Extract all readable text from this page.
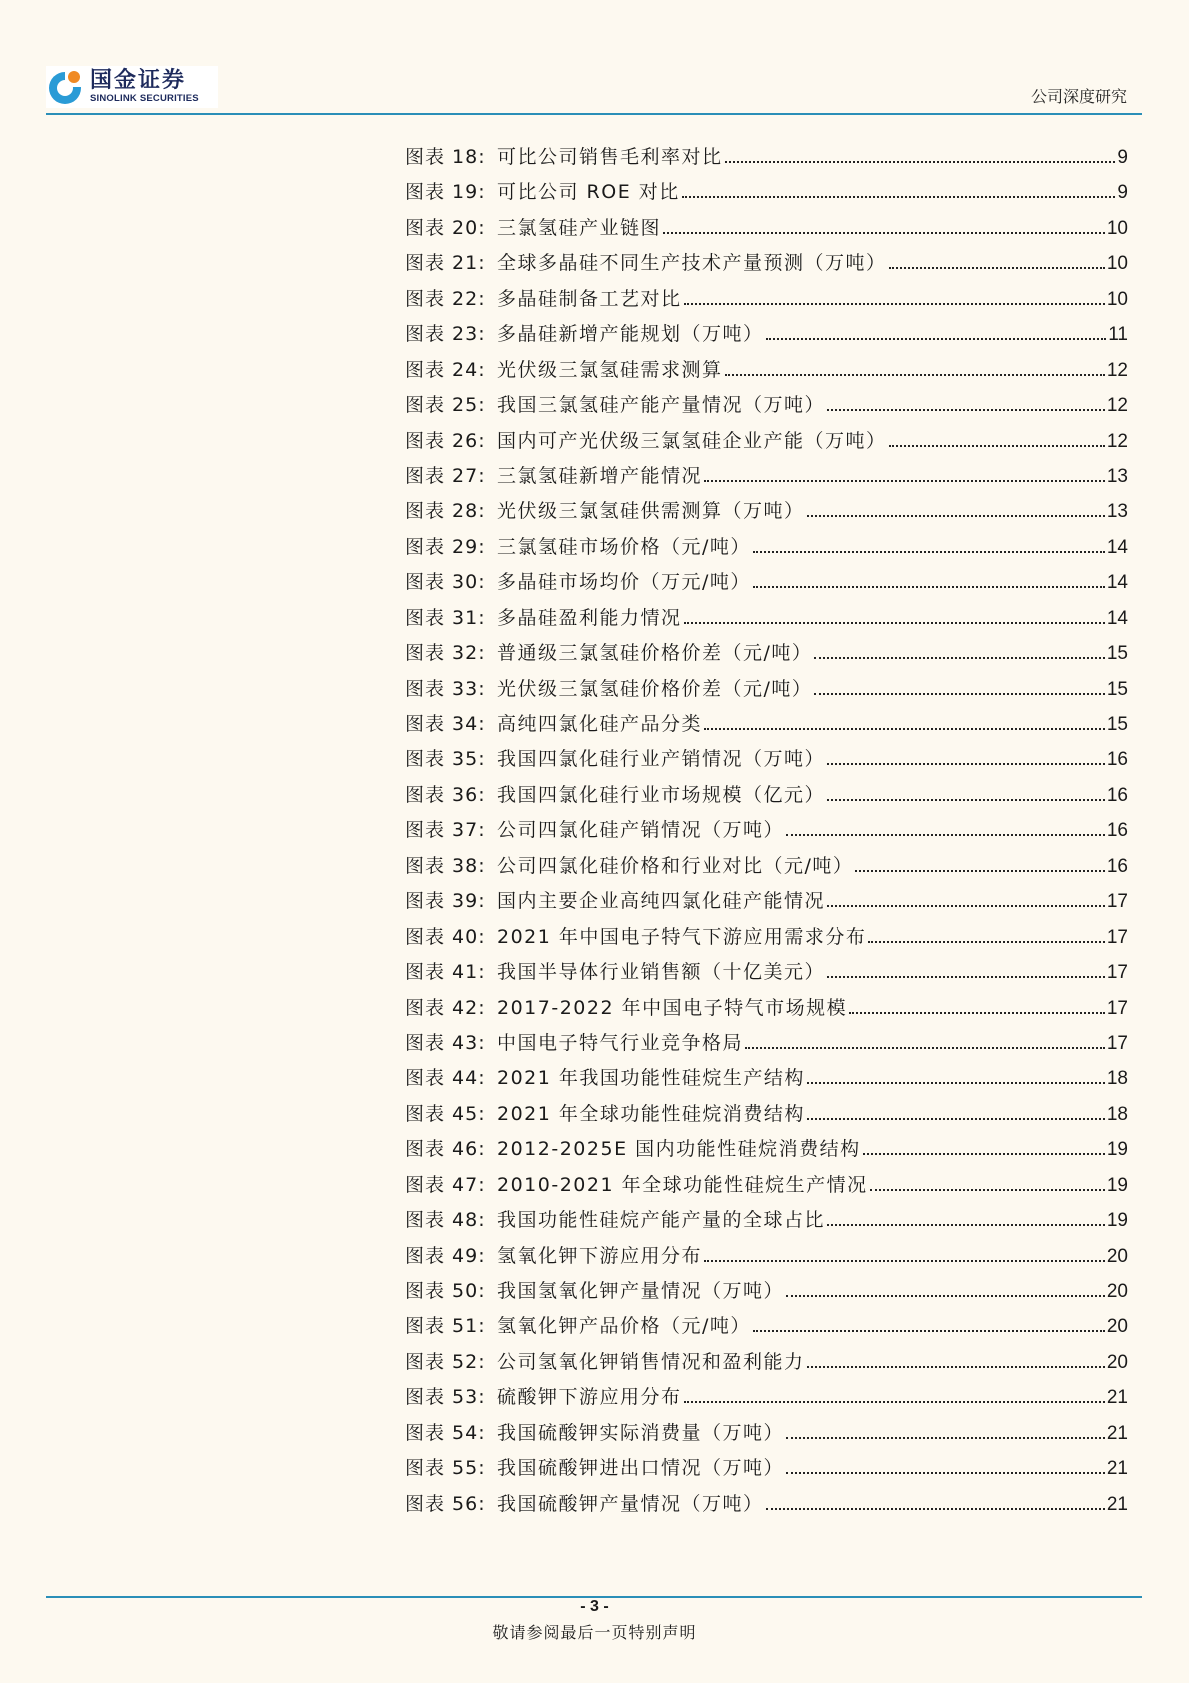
国金证券
SINOLINK SECURITIES	公司深度研究
图表 18: 可比公司销售毛利率对比	9
图表 19: 可比公司 ROE 对比	9
图表 20: 三氯氢硅产业链图	10
图表 21: 全球多晶硅不同生产技术产量预测（万吨）	10
图表 22: 多晶硅制备工艺对比	10
图表 23: 多晶硅新增产能规划（万吨）	11
图表 24: 光伏级三氯氢硅需求测算	12
图表 25: 我国三氯氢硅产能产量情况（万吨）	12
图表 26: 国内可产光伏级三氯氢硅企业产能（万吨）	12
图表 27: 三氯氢硅新增产能情况	13
图表 28: 光伏级三氯氢硅供需测算（万吨）	13
图表 29: 三氯氢硅市场价格（元/吨）	14
图表 30: 多晶硅市场均价（万元/吨）	14
图表 31: 多晶硅盈利能力情况	14
图表 32: 普通级三氯氢硅价格价差（元/吨）	15
图表 33: 光伏级三氯氢硅价格价差（元/吨）	15
图表 34: 高纯四氯化硅产品分类	15
图表 35: 我国四氯化硅行业产销情况（万吨）	16
图表 36: 我国四氯化硅行业市场规模（亿元）	16
图表 37: 公司四氯化硅产销情况（万吨）	16
图表 38: 公司四氯化硅价格和行业对比（元/吨）	16
图表 39: 国内主要企业高纯四氯化硅产能情况	17
图表 40: 2021 年中国电子特气下游应用需求分布	17
图表 41: 我国半导体行业销售额（十亿美元）	17
图表 42: 2017-2022 年中国电子特气市场规模	17
图表 43: 中国电子特气行业竞争格局	17
图表 44: 2021 年我国功能性硅烷生产结构	18
图表 45: 2021 年全球功能性硅烷消费结构	18
图表 46: 2012-2025E 国内功能性硅烷消费结构	19
图表 47: 2010-2021 年全球功能性硅烷生产情况	19
图表 48: 我国功能性硅烷产能产量的全球占比	19
图表 49: 氢氧化钾下游应用分布	20
图表 50: 我国氢氧化钾产量情况（万吨）	20
图表 51: 氢氧化钾产品价格（元/吨）	20
图表 52: 公司氢氧化钾销售情况和盈利能力	20
图表 53: 硫酸钾下游应用分布	21
图表 54: 我国硫酸钾实际消费量（万吨）	21
图表 55: 我国硫酸钾进出口情况（万吨）	21
图表 56: 我国硫酸钾产量情况（万吨）	21
- 3 -
敬请参阅最后一页特别声明
